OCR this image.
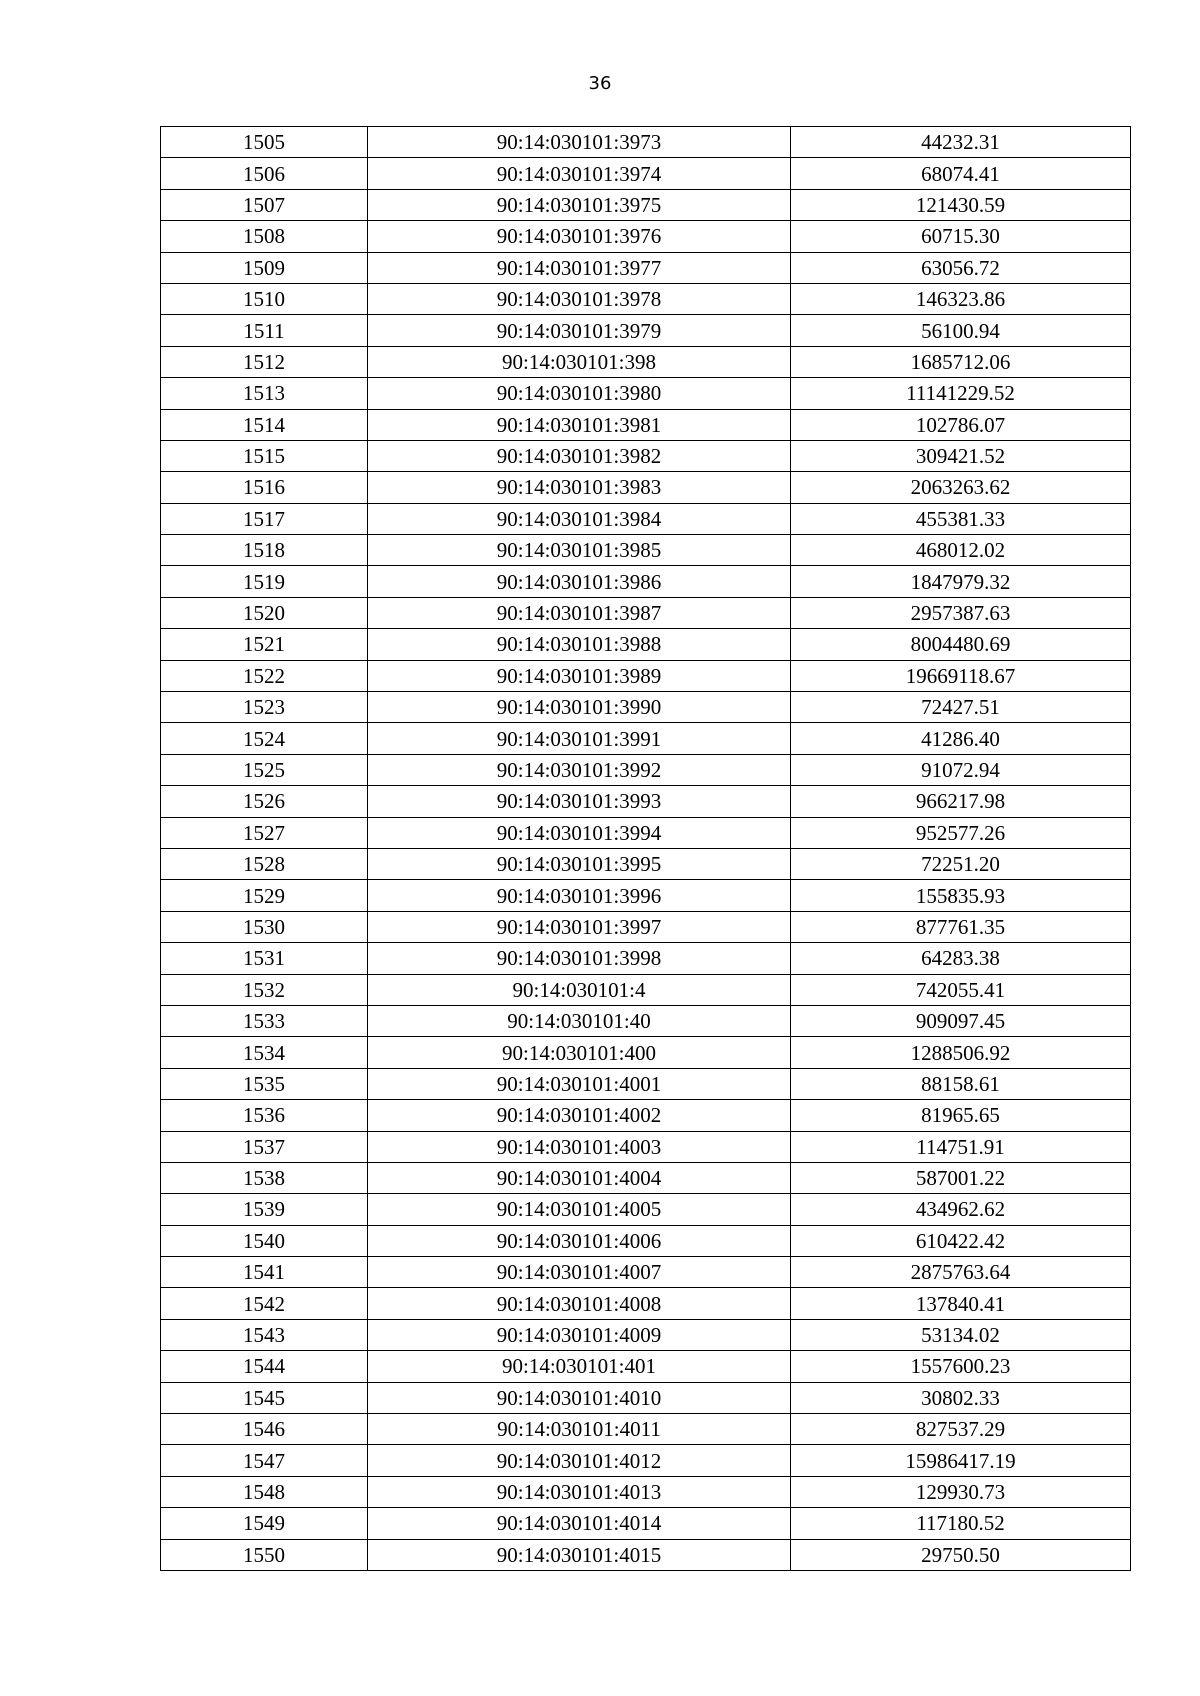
36
1505	90:14:030101:3973	44232.31
1506	90:14:030101:3974	68074.41
1507	90:14:030101:3975	121430.59
1508	90:14:030101:3976	60715.30
1509	90:14:030101:3977	63056.72
1510	90:14:030101:3978	146323.86
1511	90:14:030101:3979	56100.94
1512	90:14:030101:398	1685712.06
1513	90:14:030101:3980	11141229.52
1514	90:14:030101:3981	102786.07
1515	90:14:030101:3982	309421.52
1516	90:14:030101:3983	2063263.62
1517	90:14:030101:3984	455381.33
1518	90:14:030101:3985	468012.02
1519	90:14:030101:3986	1847979.32
1520	90:14:030101:3987	2957387.63
1521	90:14:030101:3988	8004480.69
1522	90:14:030101:3989	19669118.67
1523	90:14:030101:3990	72427.51
1524	90:14:030101:3991	41286.40
1525	90:14:030101:3992	91072.94
1526	90:14:030101:3993	966217.98
1527	90:14:030101:3994	952577.26
1528	90:14:030101:3995	72251.20
1529	90:14:030101:3996	155835.93
1530	90:14:030101:3997	877761.35
1531	90:14:030101:3998	64283.38
1532	90:14:030101:4	742055.41
1533	90:14:030101:40	909097.45
1534	90:14:030101:400	1288506.92
1535	90:14:030101:4001	88158.61
1536	90:14:030101:4002	81965.65
1537	90:14:030101:4003	114751.91
1538	90:14:030101:4004	587001.22
1539	90:14:030101:4005	434962.62
1540	90:14:030101:4006	610422.42
1541	90:14:030101:4007	2875763.64
1542	90:14:030101:4008	137840.41
1543	90:14:030101:4009	53134.02
1544	90:14:030101:401	1557600.23
1545	90:14:030101:4010	30802.33
1546	90:14:030101:4011	827537.29
1547	90:14:030101:4012	15986417.19
1548	90:14:030101:4013	129930.73
1549	90:14:030101:4014	117180.52
1550	90:14:030101:4015	29750.50
